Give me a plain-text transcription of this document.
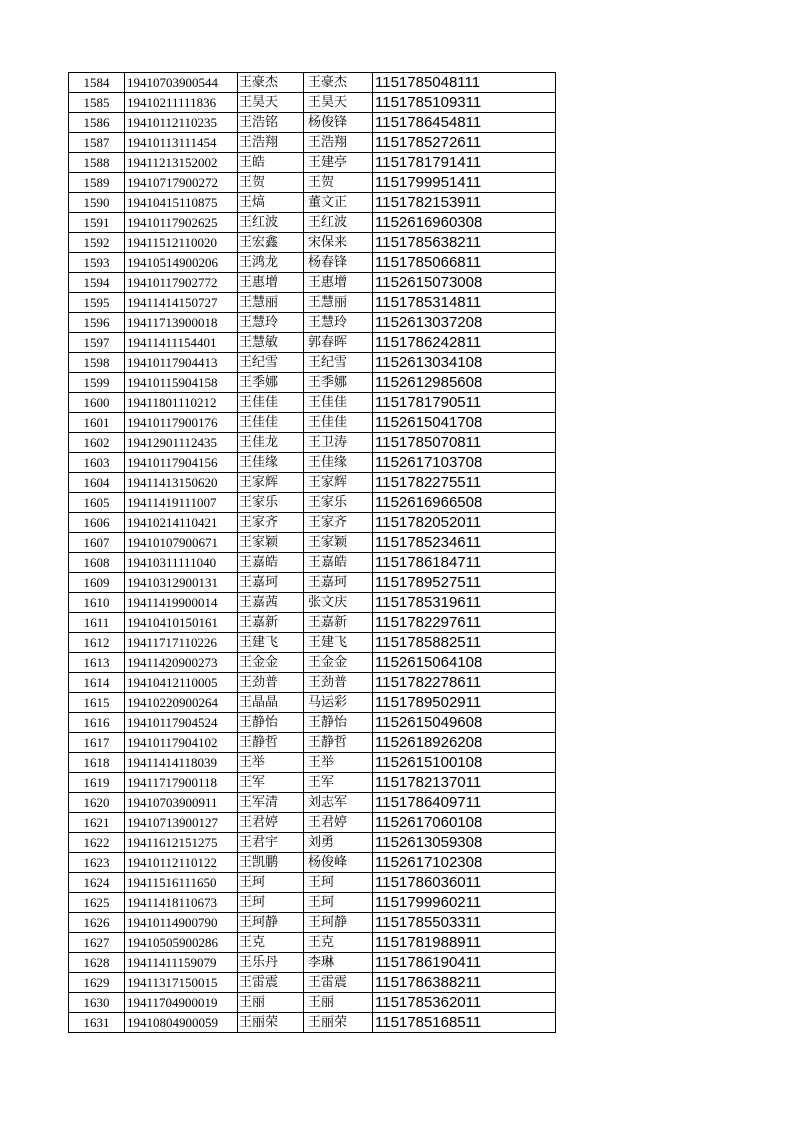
1584	19410703900544	王豪杰	王豪杰	1151785048111
1585	19410211111836	王昊天	王昊天	1151785109311
1586	19410112110235	王浩铭	杨俊锋	1151786454811
1587	19410113111454	王浩翔	王浩翔	1151785272611
1588	19411213152002	王皓	王建亭	1151781791411
1589	19410717900272	王贺	王贺	1151799951411
1590	19410415110875	王熇	董文正	1151782153911
1591	19410117902625	王红波	王红波	1152616960308
1592	19411512110020	王宏鑫	宋保来	1151785638211
1593	19410514900206	王鸿龙	杨春锋	1151785066811
1594	19410117902772	王惠增	王惠增	1152615073008
1595	19411414150727	王慧丽	王慧丽	1151785314811
1596	19411713900018	王慧玲	王慧玲	1152613037208
1597	19411411154401	王慧敏	郭春晖	1151786242811
1598	19410117904413	王纪雪	王纪雪	1152613034108
1599	19410115904158	王季娜	王季娜	1152612985608
1600	19411801110212	王佳佳	王佳佳	1151781790511
1601	19410117900176	王佳佳	王佳佳	1152615041708
1602	19412901112435	王佳龙	王卫涛	1151785070811
1603	19410117904156	王佳缘	王佳缘	1152617103708
1604	19411413150620	王家辉	王家辉	1151782275511
1605	19411419111007	王家乐	王家乐	1152616966508
1606	19410214110421	王家齐	王家齐	1151782052011
1607	19410107900671	王家颖	王家颖	1151785234611
1608	19410311111040	王嘉皓	王嘉皓	1151786184711
1609	19410312900131	王嘉珂	王嘉珂	1151789527511
1610	19411419900014	王嘉茜	张文庆	1151785319611
1611	19410410150161	王嘉新	王嘉新	1151782297611
1612	19411717110226	王建飞	王建飞	1151785882511
1613	19411420900273	王金金	王金金	1152615064108
1614	19410412110005	王劲普	王劲普	1151782278611
1615	19410220900264	王晶晶	马运彩	1151789502911
1616	19410117904524	王静怡	王静怡	1152615049608
1617	19410117904102	王静哲	王静哲	1152618926208
1618	19411414118039	王举	王举	1152615100108
1619	19411717900118	王军	王军	1151782137011
1620	19410703900911	王军清	刘志军	1151786409711
1621	19410713900127	王君婷	王君婷	1152617060108
1622	19411612151275	王君宇	刘勇	1152613059308
1623	19410112110122	王凯鹏	杨俊峰	1152617102308
1624	19411516111650	王珂	王珂	1151786036011
1625	19411418110673	王珂	王珂	1151799960211
1626	19410114900790	王珂静	王珂静	1151785503311
1627	19410505900286	王克	王克	1151781988911
1628	19411411159079	王乐丹	李琳	1151786190411
1629	19411317150015	王雷震	王雷震	1151786388211
1630	19411704900019	王丽	王丽	1151785362011
1631	19410804900059	王丽荣	王丽荣	1151785168511
